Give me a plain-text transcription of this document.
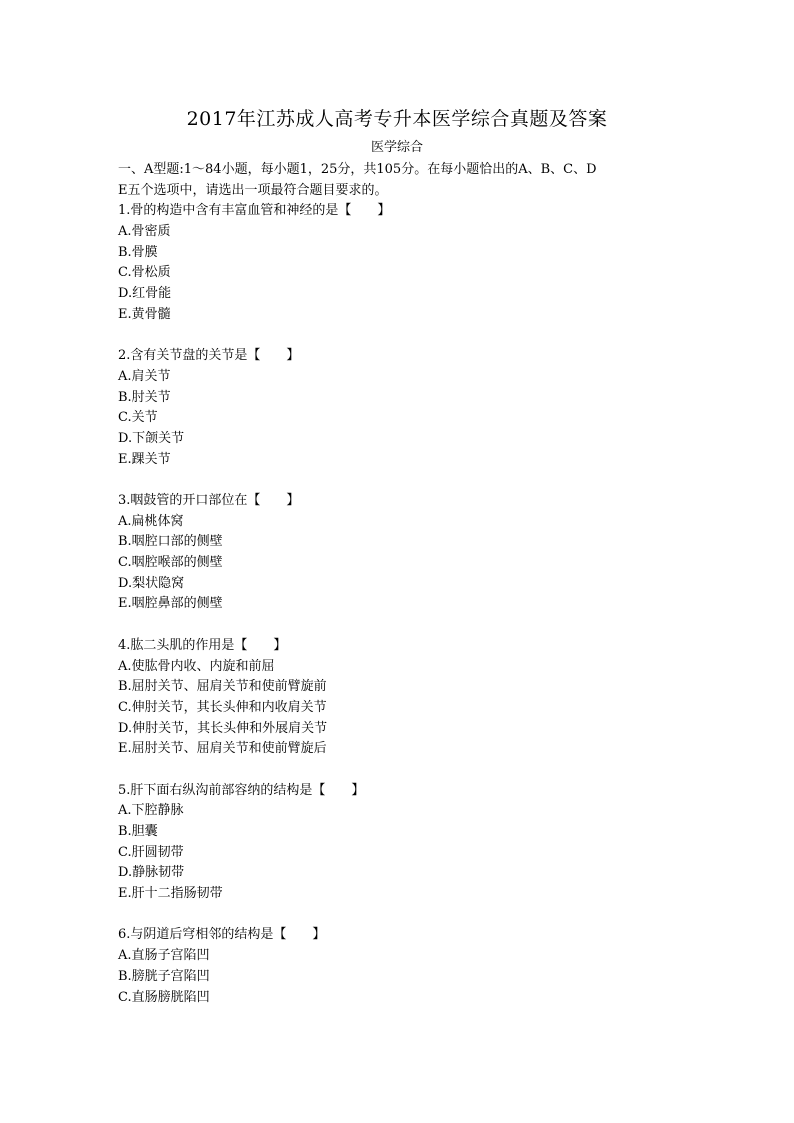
2017年江苏成人高考专升本医学综合真题及答案
医学综合
一、A型题:1～84小题，每小题1，25分，共105分。在每小题恰出的A、B、C、D
E五个选项中，请选出一项最符合题目要求的。
1.骨的构造中含有丰富血管和神经的是【　　】
A.骨密质
B.骨膜
C.骨松质
D.红骨能
E.黄骨髓
2.含有关节盘的关节是【　　】
A.肩关节
B.肘关节
C.关节
D.下颌关节
E.踝关节
3.咽鼓管的开口部位在【　　】
A.扁桃体窝
B.咽腔口部的侧壁
C.咽腔喉部的侧壁
D.梨状隐窝
E.咽腔鼻部的侧壁
4.肱二头肌的作用是【　　】
A.使肱骨内收、内旋和前屈
B.屈肘关节、屈肩关节和使前臂旋前
C.伸肘关节，其长头伸和内收肩关节
D.伸肘关节，其长头伸和外展肩关节
E.屈肘关节、屈肩关节和使前臂旋后
5.肝下面右纵沟前部容纳的结构是【　　】
A.下腔静脉
B.胆囊
C.肝圆韧带
D.静脉韧带
E.肝十二指肠韧带
6.与阴道后穹相邻的结构是【　　】
A.直肠子宫陷凹
B.膀胱子宫陷凹
C.直肠膀胱陷凹
